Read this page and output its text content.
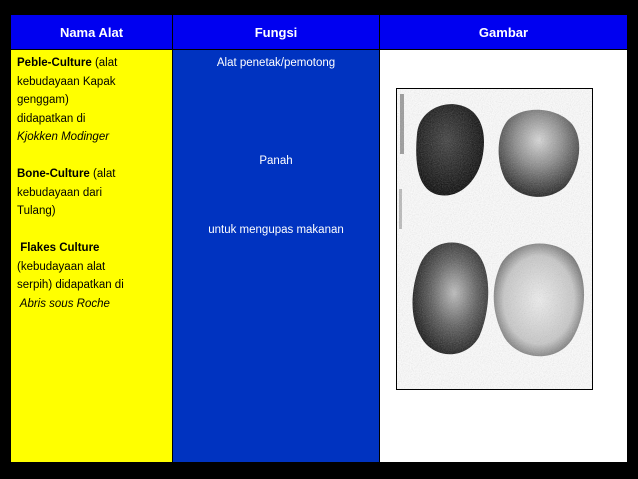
Nama Alat	Fungsi	Gambar
Peble-Culture (alat
kebudayaan Kapak
genggam)
didapatkan di
Kjokken Modinger
Bone-Culture (alat
kebudayaan dari
Tulang)
Flakes Culture
(kebudayaan alat
serpih) didapatkan di
Abris sous Roche
Alat penetak/pemotong
Panah
untuk mengupas makanan
